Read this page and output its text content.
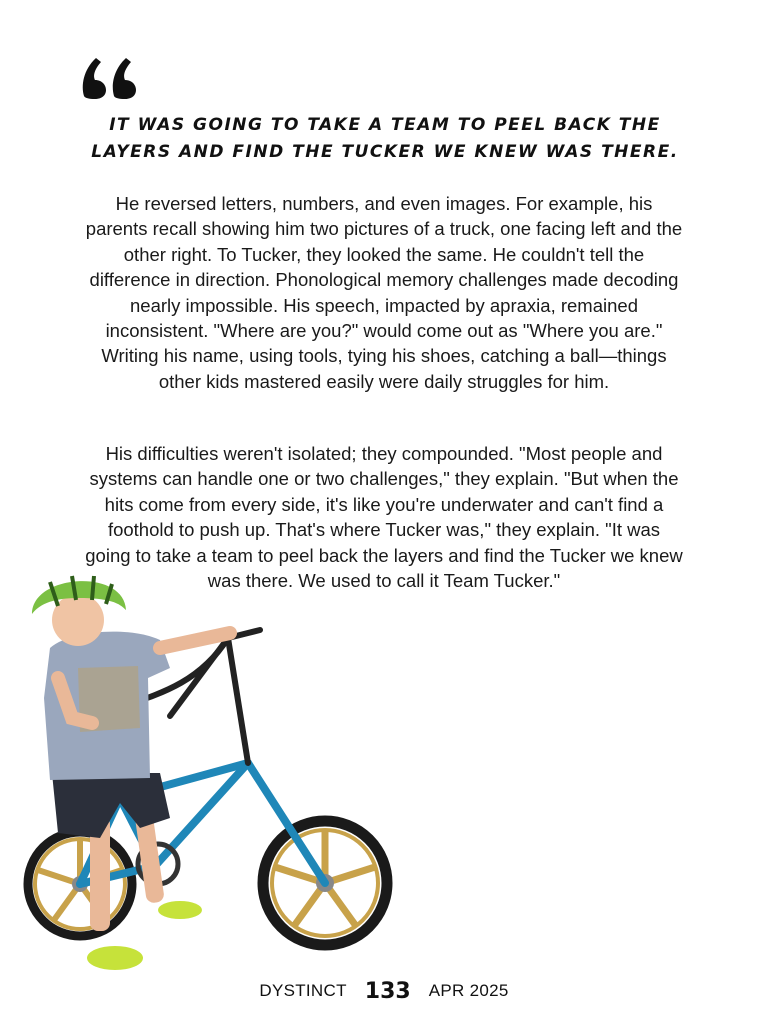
IT WAS GOING TO TAKE A TEAM TO PEEL BACK THE
LAYERS AND FIND THE TUCKER WE KNEW WAS THERE.

He reversed letters, numbers, and even images. For example, his parents recall showing him two pictures of a truck, one facing left and the other right. To Tucker, they looked the same. He couldn't tell the difference in direction. Phonological memory challenges made decoding nearly impossible. His speech, impacted by apraxia, remained inconsistent. "Where are you?" would come out as "Where you are." Writing his name, using tools, tying his shoes, catching a ball—things other kids mastered easily were daily struggles for him.

His difficulties weren't isolated; they compounded. "Most people and systems can handle one or two challenges," they explain. "But when the hits come from every side, it's like you're underwater and can't find a foothold to push up. That's where Tucker was," they explain. "It was going to take a team to peel back the layers and find the Tucker we knew was there. We used to call it Team Tucker."

DYSTINCT 133 APR 2025
